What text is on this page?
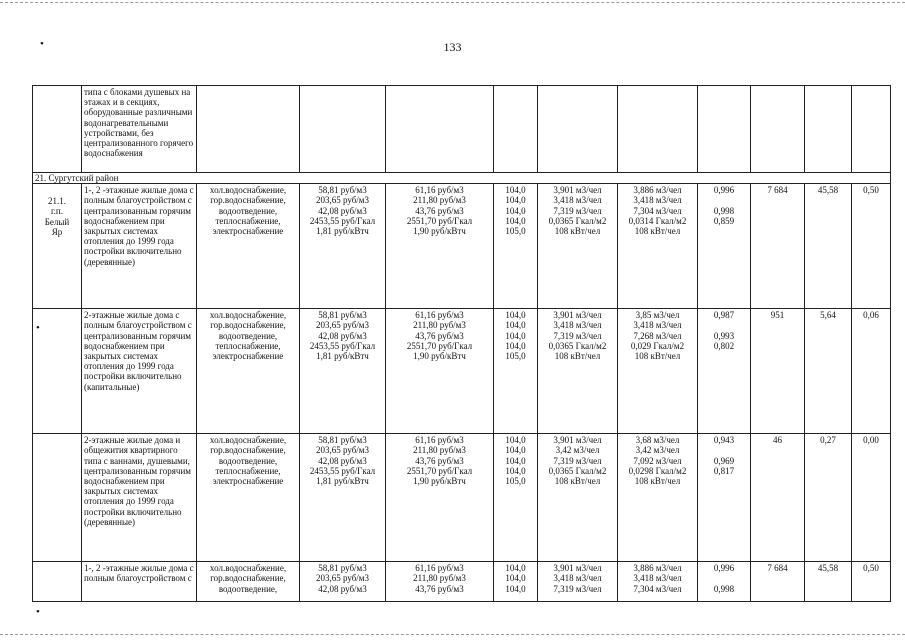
•	133
•
•
	типа с блоками душевых на этажах и в секциях, оборудованные различными водонагревательными устройствами, без централизованного горячего водоснабжения										
21. Сургутский район											

21.1.
г.п.
Белый
Яр	1-, 2 -этажные жилые дома с полным благоустройством с централизованным горячим водоснабжением при закрытых системах отопления до 1999 года постройки включительно (деревянные)	хол.водоснабжение,
гор.водоснабжение,
водоотведение,
теплоснабжение,
электроснабжение	58,81 руб/м3
203,65 руб/м3
42,08 руб/м3
2453,55 руб/Гкал
1,81 руб/кВтч	61,16 руб/м3
211,80 руб/м3
43,76 руб/м3
2551,70 руб/Гкал
1,90 руб/кВтч	104,0
104,0
104,0
104,0
105,0	3,901 м3/чел
3,418 м3/чел
7,319 м3/чел
0,0365 Гкал/м2
108 кВт/чел	3,886 м3/чел
3,418 м3/чел
7,304 м3/чел
0,0314 Гкал/м2
108 кВт/чел	0,996

0,998
0,859	7 684	45,58	0,50
	2-этажные жилые дома с полным благоустройством с централизованным горячим водоснабжением при закрытых системах отопления до 1999 года постройки включительно (капитальные)	хол.водоснабжение,
гор.водоснабжение,
водоотведение,
теплоснабжение,
электроснабжение	58,81 руб/м3
203,65 руб/м3
42,08 руб/м3
2453,55 руб/Гкал
1,81 руб/кВтч	61,16 руб/м3
211,80 руб/м3
43,76 руб/м3
2551,70 руб/Гкал
1,90 руб/кВтч	104,0
104,0
104,0
104,0
105,0	3,901 м3/чел
3,418 м3/чел
7,319 м3/чел
0,0365 Гкал/м2
108 кВт/чел	3,85 м3/чел
3,418 м3/чел
7,268 м3/чел
0,029 Гкал/м2
108 кВт/чел	0,987

0,993
0,802	951	5,64	0,06
	2-этажные жилые дома и общежития квартирного типа с ваннами, душевыми, централизованным горячим водоснабжением при закрытых системах отопления до 1999 года постройки включительно (деревянные)	хол.водоснабжение,
гор.водоснабжение,
водоотведение,
теплоснабжение,
электроснабжение	58,81 руб/м3
203,65 руб/м3
42,08 руб/м3
2453,55 руб/Гкал
1,81 руб/кВтч	61,16 руб/м3
211,80 руб/м3
43,76 руб/м3
2551,70 руб/Гкал
1,90 руб/кВтч	104,0
104,0
104,0
104,0
105,0	3,901 м3/чел
3,42 м3/чел
7,319 м3/чел
0,0365 Гкал/м2
108 кВт/чел	3,68 м3/чел
3,42 м3/чел
7,092 м3/чел
0,0298 Гкал/м2
108 кВт/чел	0,943

0,969
0,817	46	0,27	0,00
	1-, 2 -этажные жилые дома с полным благоустройством с	хол.водоснабжение,
гор.водоснабжение,
водоотведение,	58,81 руб/м3
203,65 руб/м3
42,08 руб/м3	61,16 руб/м3
211,80 руб/м3
43,76 руб/м3	104,0
104,0
104,0	3,901 м3/чел
3,418 м3/чел
7,319 м3/чел	3,886 м3/чел
3,418 м3/чел
7,304 м3/чел	0,996

0,998	7 684	45,58	0,50
